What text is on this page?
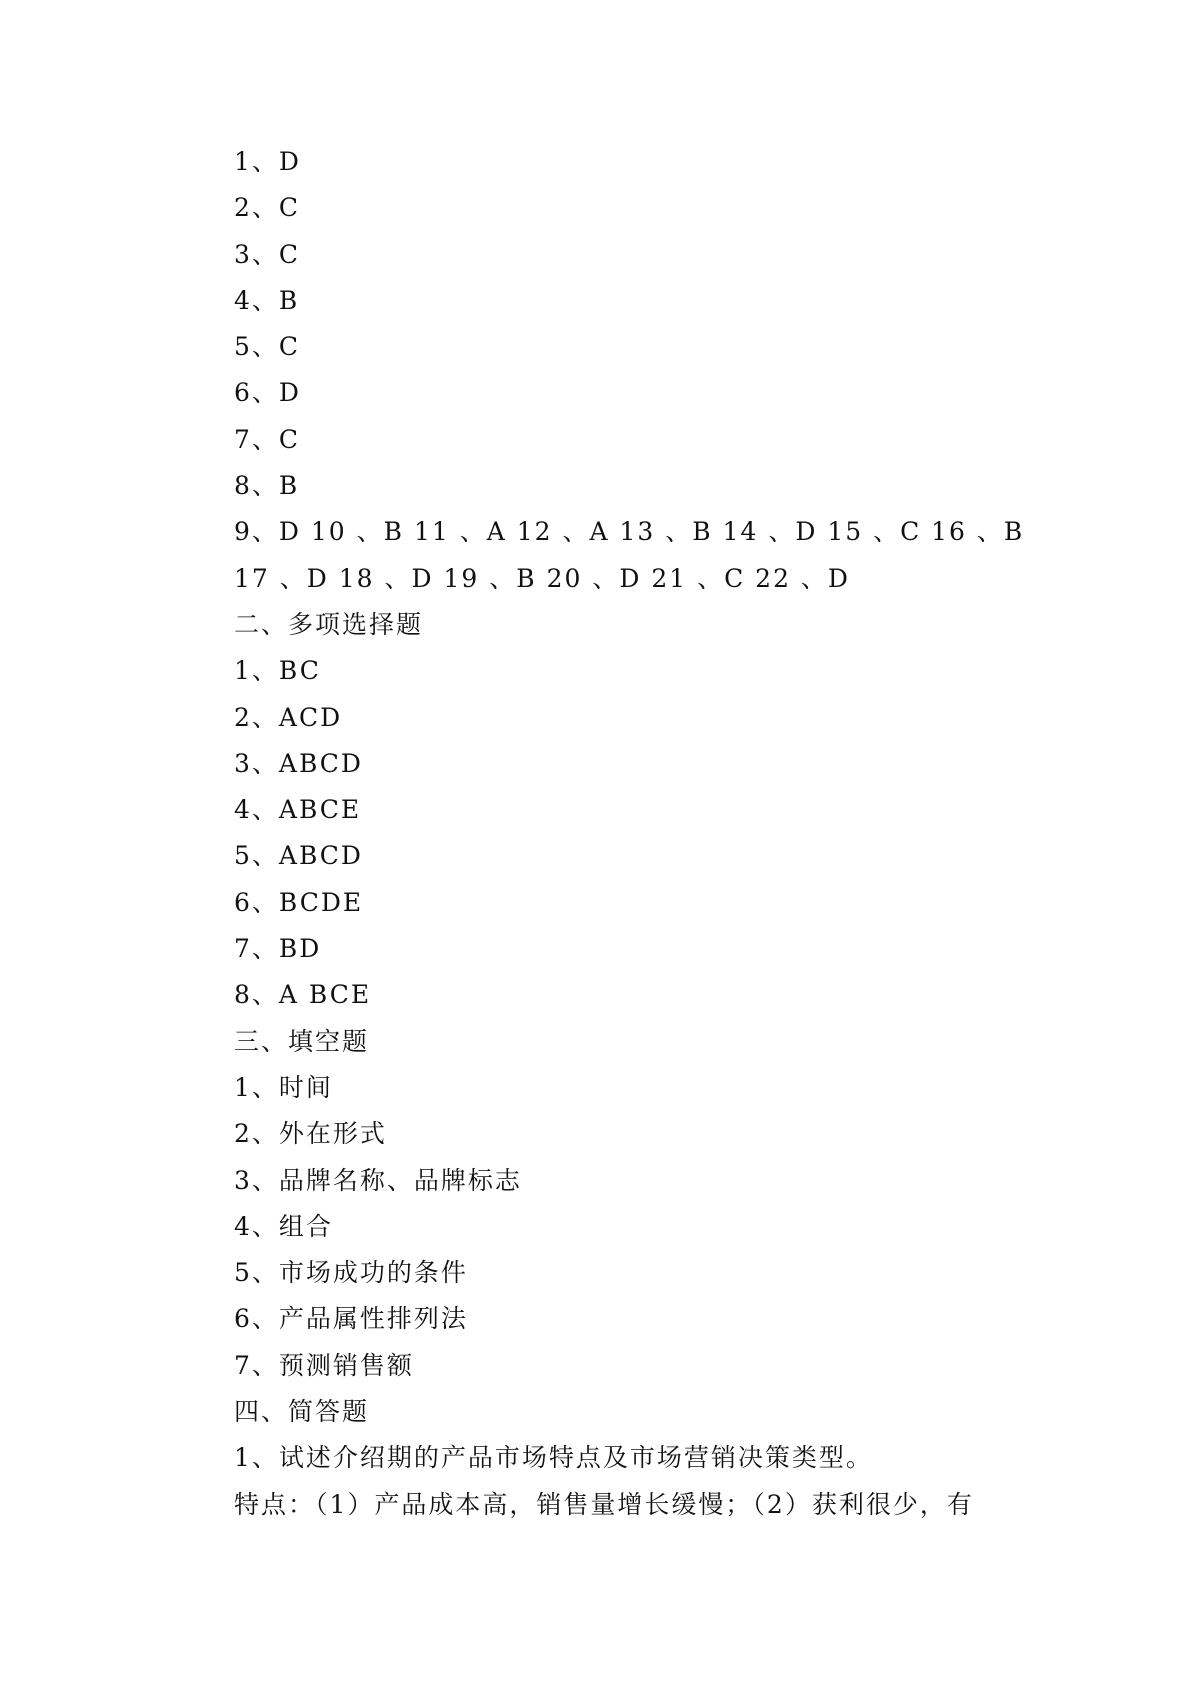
1、D
2、C
3、C
4、B
5、C
6、D
7、C
8、B
9、D 10 、B 11 、A 12 、A 13 、B 14 、D 15 、C 16 、B
17 、D 18 、D 19 、B 20 、D 21 、C 22 、D
二、多项选择题
1、BC
2、ACD
3、ABCD
4、ABCE
5、ABCD
6、BCDE
7、BD
8、A BCE
三、填空题
1、时间
2、外在形式
3、品牌名称、品牌标志
4、组合
5、市场成功的条件
6、产品属性排列法
7、预测销售额
四、简答题
1、试述介绍期的产品市场特点及市场营销决策类型。
特点：（1）产品成本高，销售量增长缓慢；（2）获利很少，有
